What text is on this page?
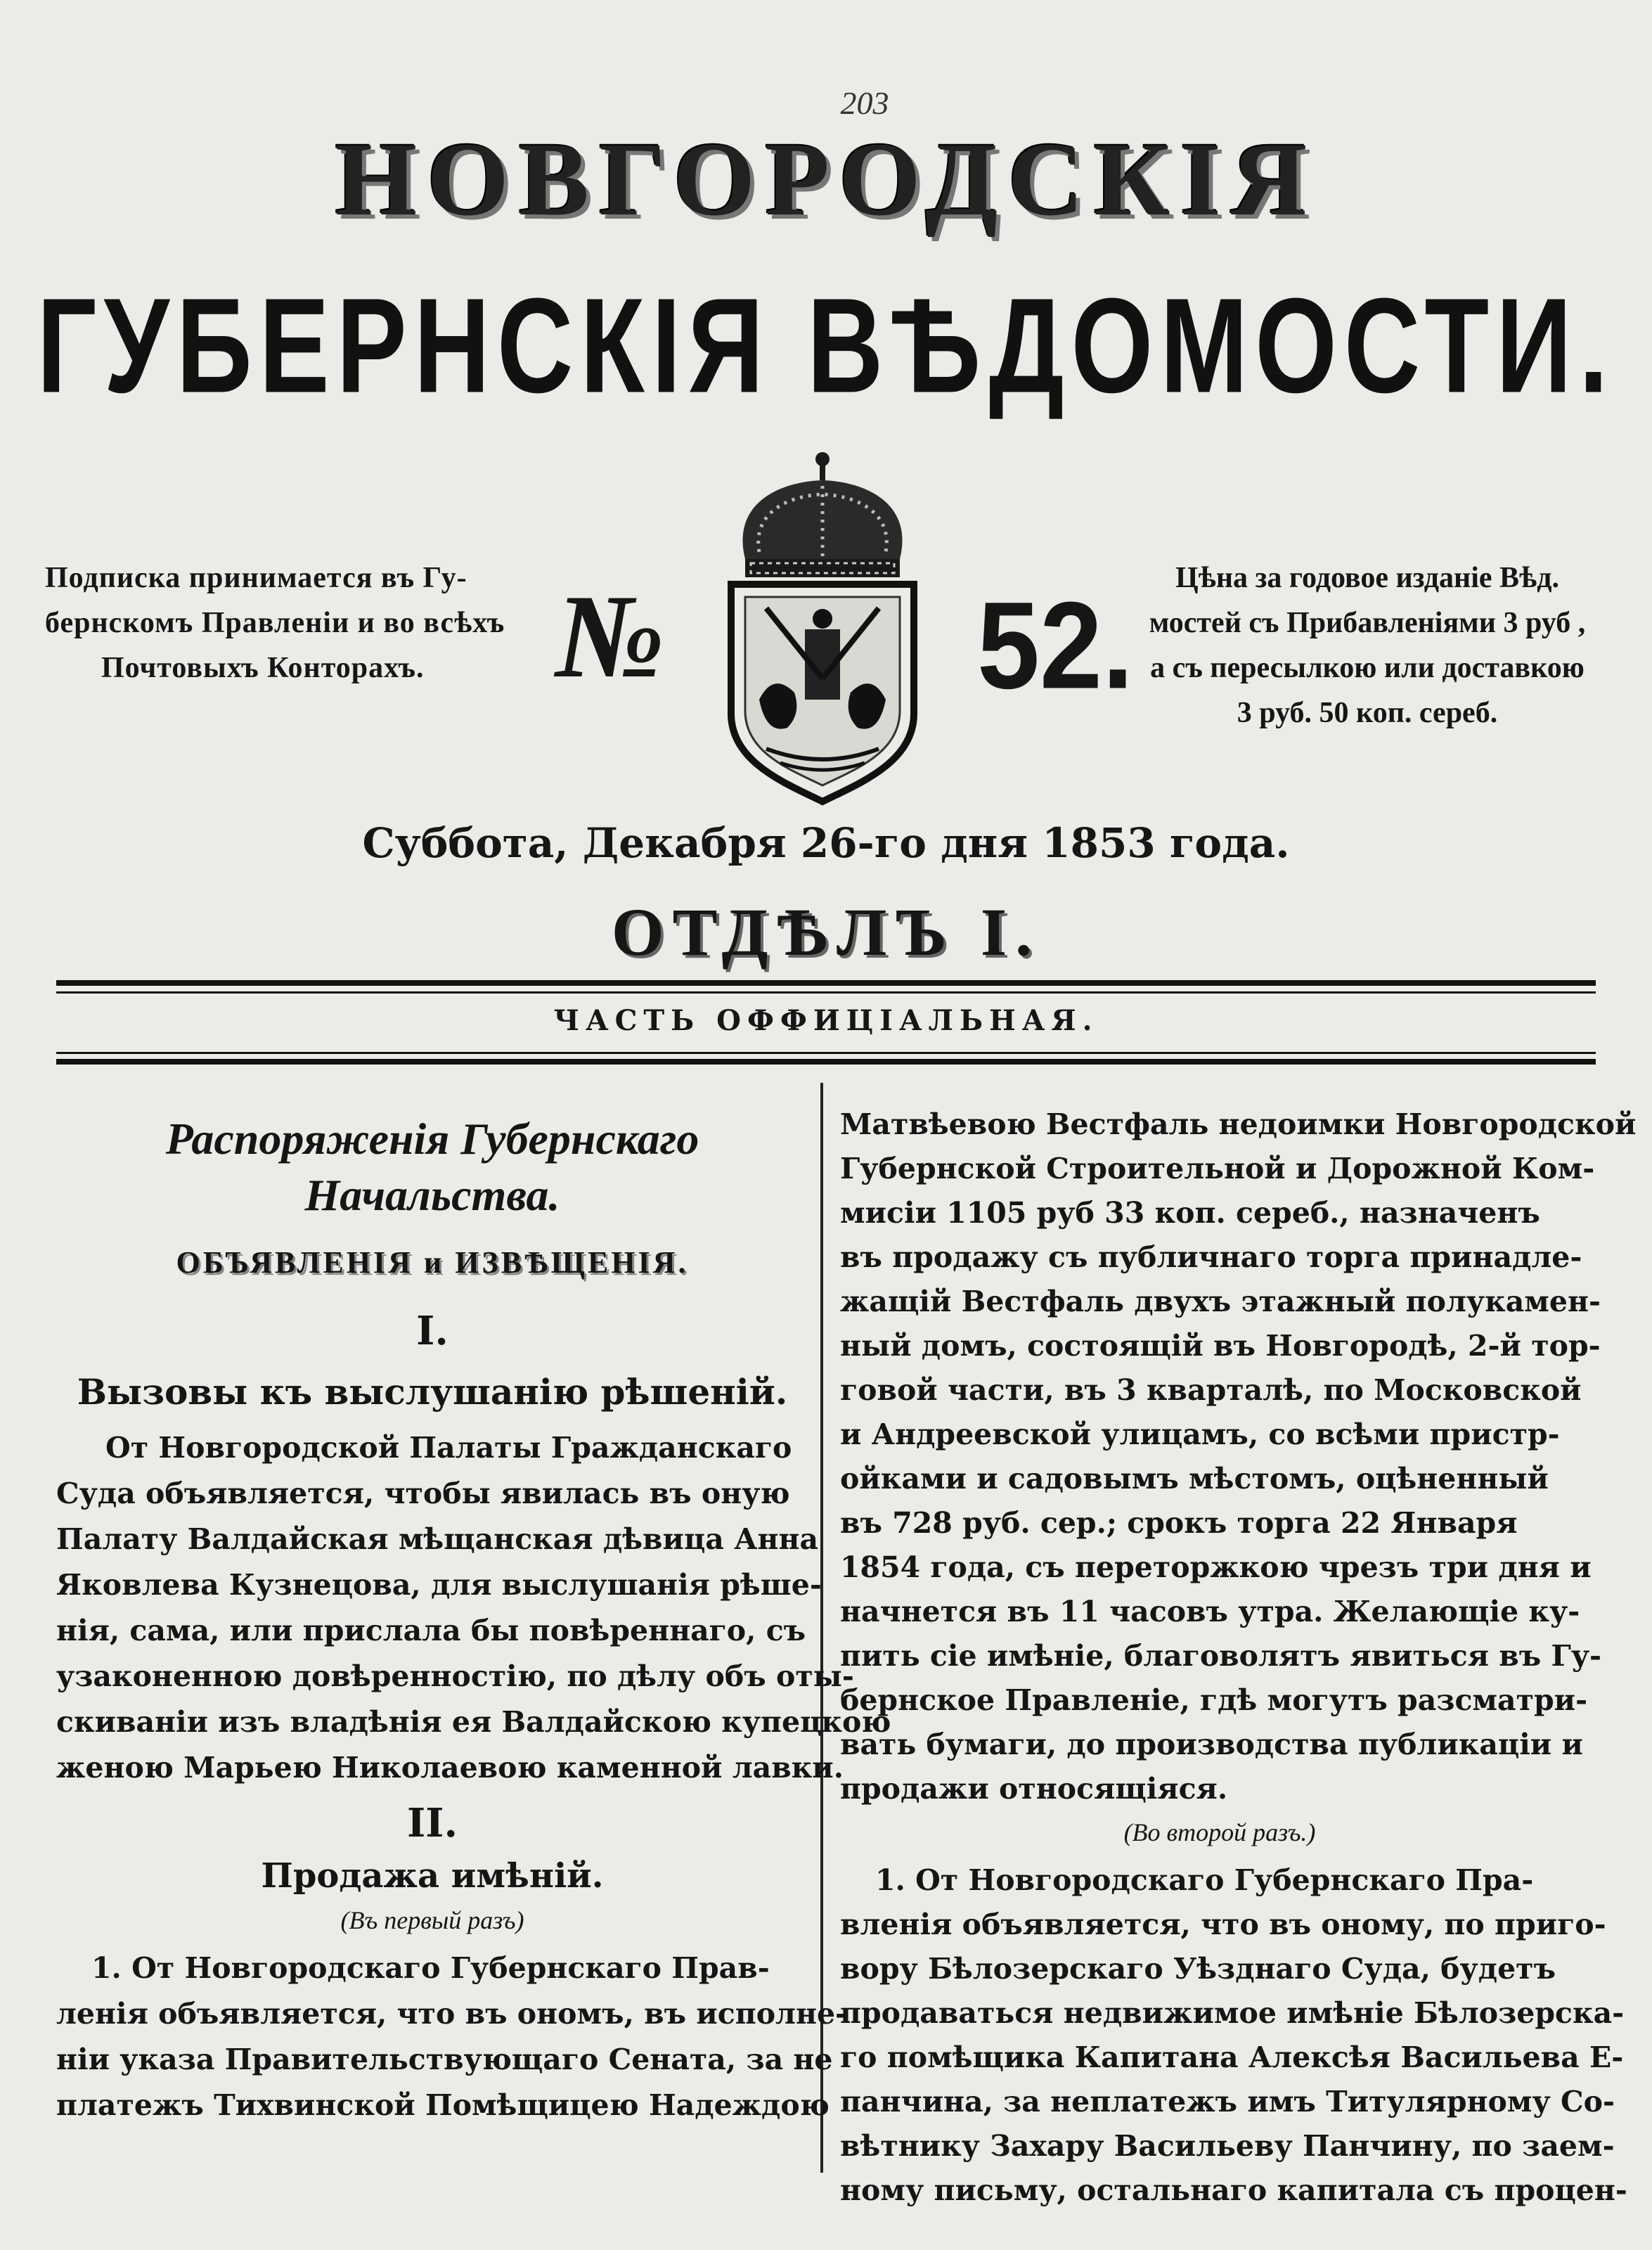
203
НОВГОРОДСКІЯ
ГУБЕРНСКІЯ ВѢДОМОСТИ.
Подписка принимается въ Гу-
бернскомъ Правленіи и во всѣхъ
Почтовыхъ Конторахъ.	№	52.	Цѣна за годовое изданіе Вѣд.
мостей съ Прибавленіями 3 руб ,
а съ пересылкою или доставкою
3 руб. 50 коп. сереб.
Суббота, Декабря 26-го дня 1853 года.
ОТДѢЛЪ I.
ЧАСТЬ ОФФИЦІАЛЬНАЯ.
Распоряженія Губернскаго
Начальства.
ОБЪЯВЛЕНІЯ и ИЗВѢЩЕНІЯ.
I.
Вызовы къ выслушанію рѣшеній.
От Новгородской Палаты Гражданскаго
Суда объявляется, чтобы явилась въ оную
Палату Валдайская мѣщанская дѣвица Анна
Яковлева Кузнецова, для выслушанія рѣше-
нія, сама, или прислала бы повѣреннаго, съ
узаконенною довѣренностію, по дѣлу объ оты-
скиваніи изъ владѣнія ея Валдайскою купецкою
женою Марьею Николаевою каменной лавки.
II.
Продажа имѣній.
(Въ первый разъ)
1. От Новгородскаго Губернскаго Прав-
ленія объявляется, что въ ономъ, въ исполне-
ніи указа Правительствующаго Сената, за не
платежъ Тихвинской Помѣщицею Надеждою
Матвѣевою Вестфаль недоимки Новгородской
Губернской Строительной и Дорожной Ком-
мисіи 1105 руб 33 коп. сереб., назначенъ
въ продажу съ публичнаго торга принадле-
жащій Вестфаль двухъ этажный полукамен-
ный домъ, состоящій въ Новгородѣ, 2-й тор-
говой части, въ 3 кварталѣ, по Московской
и Андреевской улицамъ, со всѣми пристр-
ойками и садовымъ мѣстомъ, оцѣненный
въ 728 руб. сер.; срокъ торга 22 Января
1854 года, съ переторжкою чрезъ три дня и
начнется въ 11 часовъ утра. Желающіе ку-
пить сіе имѣніе, благоволятъ явиться въ Гу-
бернское Правленіе, гдѣ могутъ разсматри-
вать бумаги, до производства публикаціи и
продажи относящіяся.
(Во второй разъ.)
1. От Новгородскаго Губернскаго Пра-
вленія объявляется, что въ оному, по приго-
вору Бѣлозерскаго Уѣзднаго Суда, будетъ
продаваться недвижимое имѣніе Бѣлозерска-
го помѣщика Капитана Алексѣя Васильева Е-
панчина, за неплатежъ имъ Титулярному Со-
вѣтнику Захару Васильеву Панчину, по заем-
ному письму, остальнаго капитала съ процен-
